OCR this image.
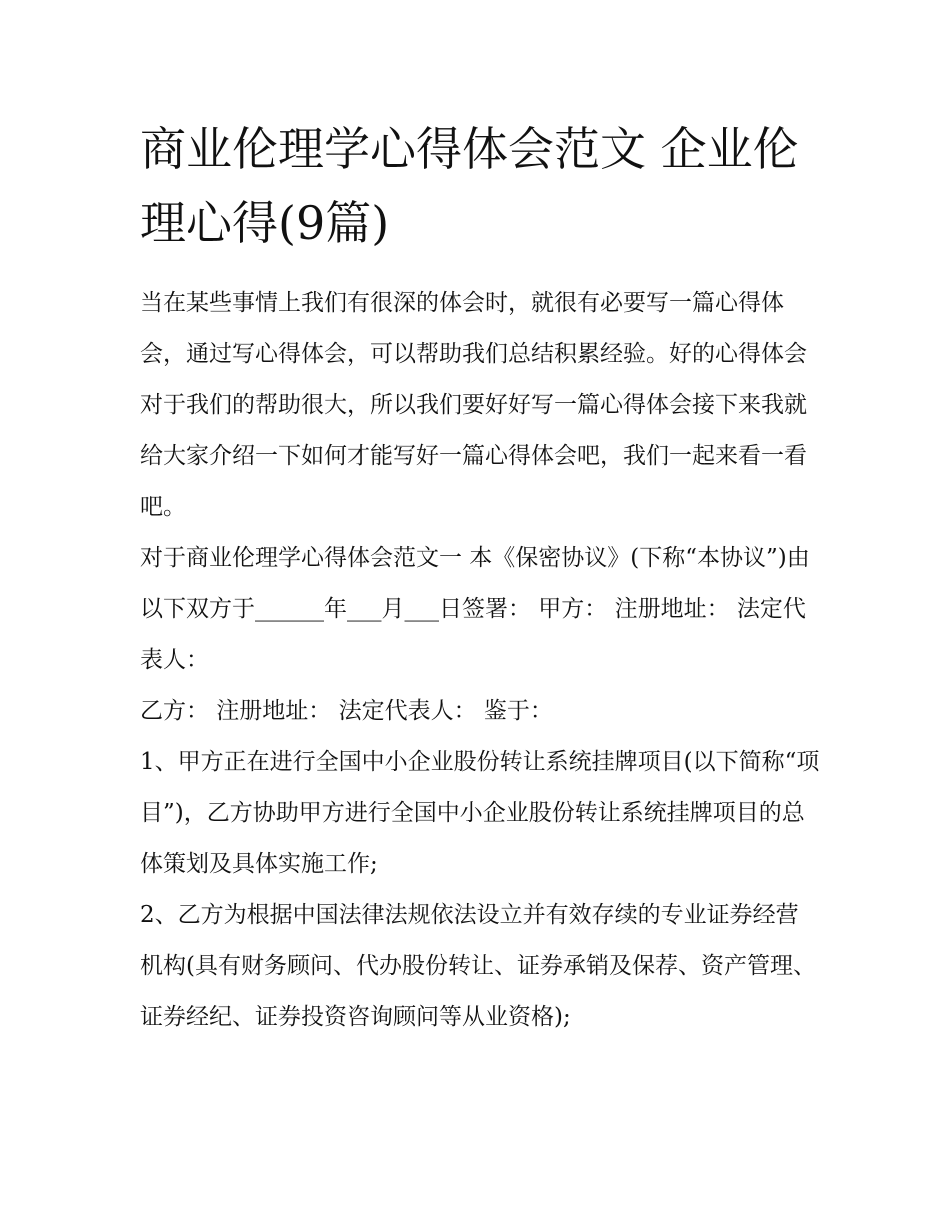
商业伦理学心得体会范文 企业伦理心得(9篇)

当在某些事情上我们有很深的体会时，就很有必要写一篇心得体会，通过写心得体会，可以帮助我们总结积累经验。好的心得体会对于我们的帮助很大，所以我们要好好写一篇心得体会接下来我就给大家介绍一下如何才能写好一篇心得体会吧，我们一起来看一看吧。

对于商业伦理学心得体会范文一 本《保密协议》(下称“本协议”)由以下双方于______年___月___日签署： 甲方： 注册地址： 法定代表人：

乙方： 注册地址： 法定代表人： 鉴于：

1、甲方正在进行全国中小企业股份转让系统挂牌项目(以下简称“项目”)，乙方协助甲方进行全国中小企业股份转让系统挂牌项目的总体策划及具体实施工作;

2、乙方为根据中国法律法规依法设立并有效存续的专业证券经营机构(具有财务顾问、代办股份转让、证券承销及保荐、资产管理、证券经纪、证券投资咨询顾问等从业资格);
